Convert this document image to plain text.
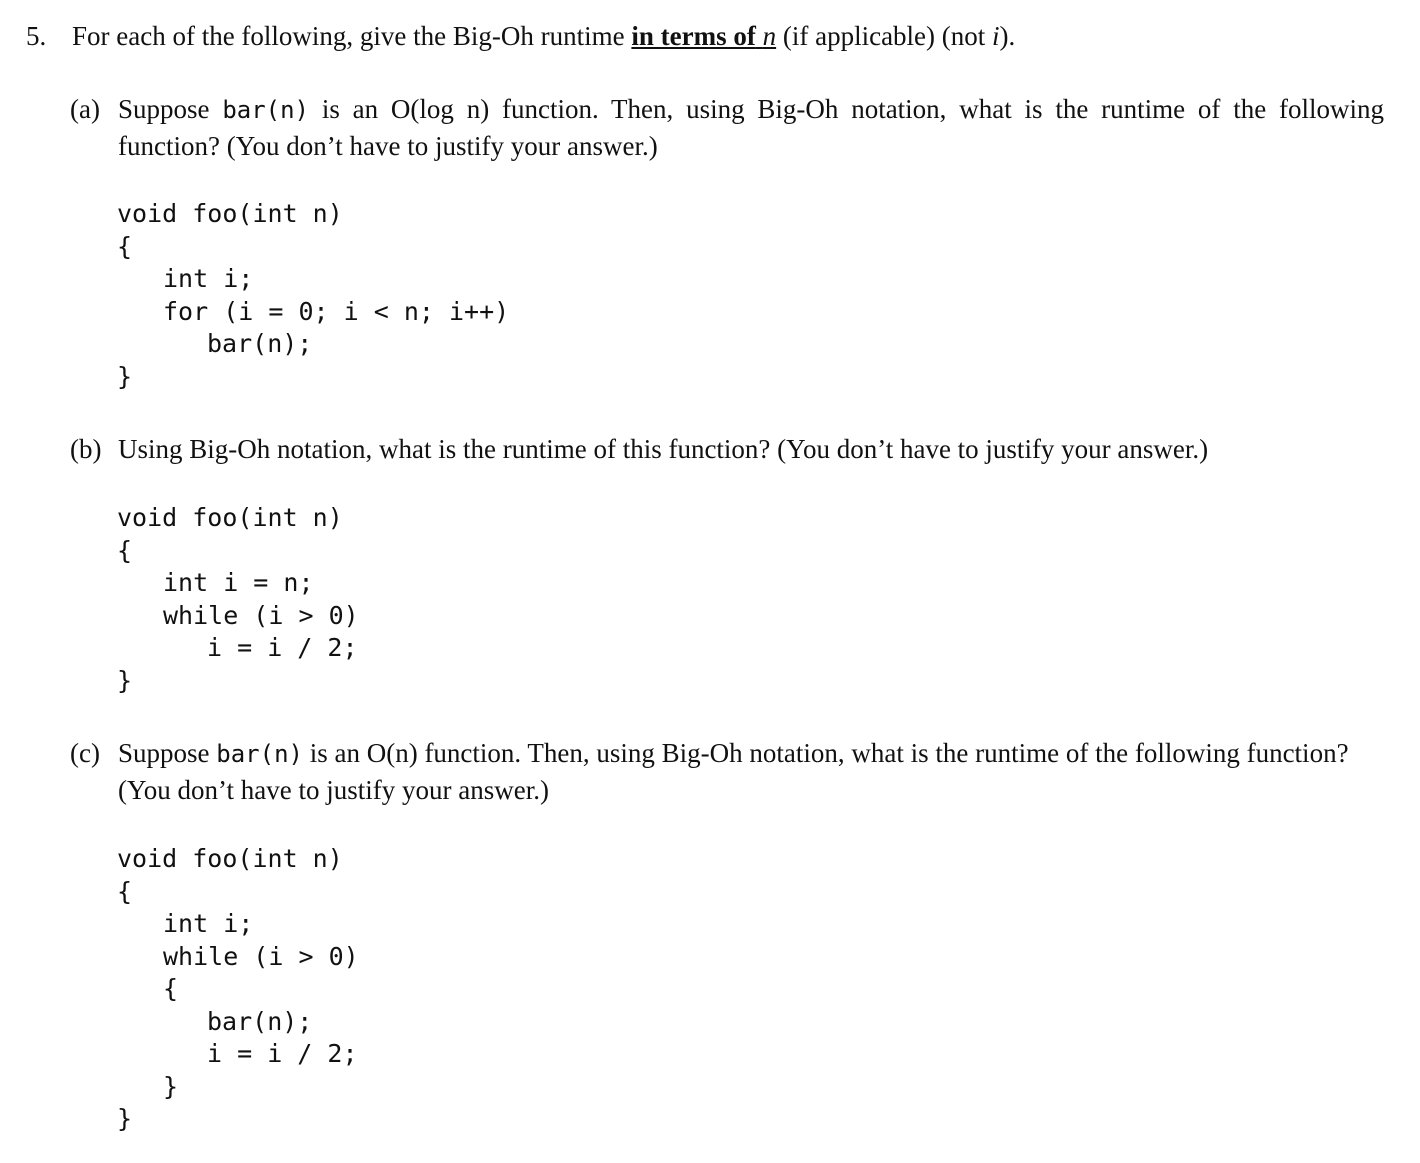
5. For each of the following, give the Big-Oh runtime in terms of n (if applicable) (not i).
(a) Suppose bar(n) is an O(log n) function. Then, using Big-Oh notation, what is the runtime of the following function? (You don’t have to justify your answer.)
void foo(int n)
{
int i;
for (i = 0; i < n; i++)
bar(n);
}
(b) Using Big-Oh notation, what is the runtime of this function? (You don’t have to justify your answer.)
void foo(int n)
{
int i = n;
while (i > 0)
i = i / 2;
}
(c) Suppose bar(n) is an O(n) function. Then, using Big-Oh notation, what is the runtime of the following function? (You don’t have to justify your answer.)
void foo(int n)
{
int i;
while (i > 0)
{
bar(n);
i = i / 2;
}
}
